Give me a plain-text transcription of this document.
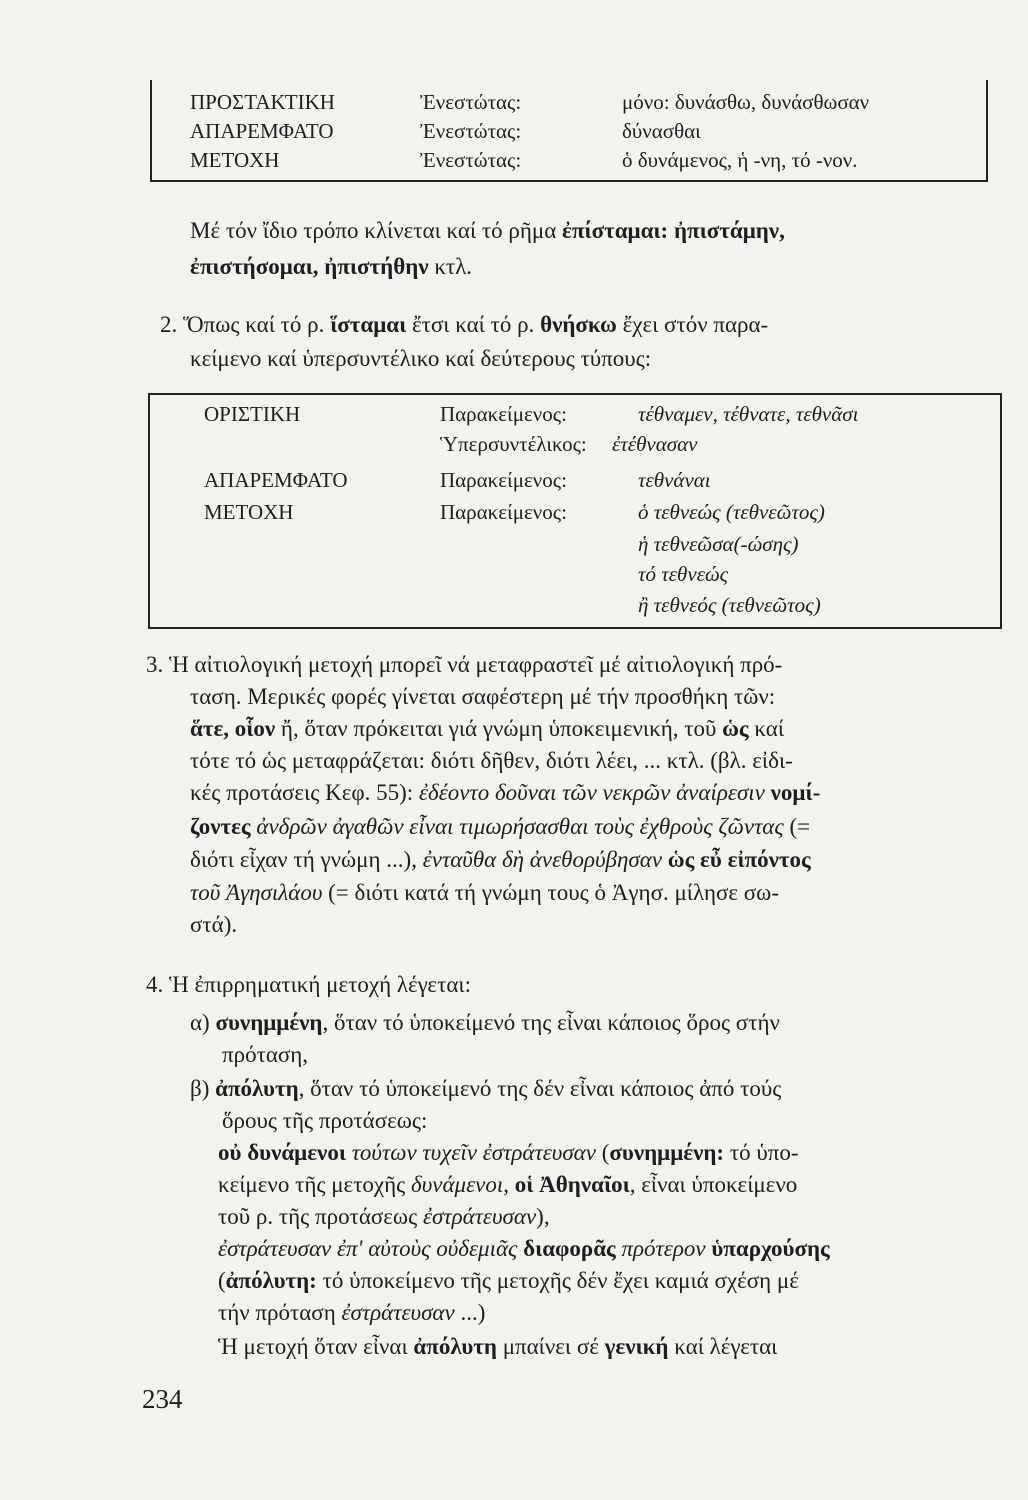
ΠΡΟΣΤΑΚΤΙΚΗ	Ἐνεστώτας:	μόνο: δυνάσθω, δυνάσθωσαν
ΑΠΑΡΕΜΦΑΤΟ	Ἐνεστώτας:	δύνασθαι
ΜΕΤΟΧΗ	Ἐνεστώτας:	ὁ δυνάμενος, ἡ -νη, τό -νον.
Μέ τόν ἴδιο τρόπο κλίνεται καί τό ρῆμα ἐπίσταμαι: ἠπιστάμην,
ἐπιστήσομαι, ἠπιστήθην κτλ.
2. Ὅπως καί τό ρ. ἵσταμαι ἔτσι καί τό ρ. θνήσκω ἔχει στόν παρα-
κείμενο καί ὑπερσυντέλικο καί δεύτερους τύπους:
ΟΡΙΣΤΙΚΗ	Παρακείμενος:	τέθναμεν, τέθνατε, τεθνᾶσι
Ὑπερσυντέλικος: ἐτέθνασαν
ΑΠΑΡΕΜΦΑΤΟ	Παρακείμενος:	τεθνάναι
ΜΕΤΟΧΗ	Παρακείμενος:	ὁ τεθνεώς (τεθνεῶτος)
ἡ τεθνεῶσα(-ώσης)
τό τεθνεώς
ἢ τεθνεός (τεθνεῶτος)
3. Ἡ αἰτιολογική μετοχή μπορεῖ νά μεταφραστεῖ μέ αἰτιολογική πρό-
ταση. Μερικές φορές γίνεται σαφέστερη μέ τήν προσθήκη τῶν:
ἅτε, οἷον ἤ, ὅταν πρόκειται γιά γνώμη ὑποκειμενική, τοῦ ὡς καί
τότε τό ὡς μεταφράζεται: διότι δῆθεν, διότι λέει, ... κτλ. (βλ. εἰδι-
κές προτάσεις Κεφ. 55): ἐδέοντο δοῦναι τῶν νεκρῶν ἀναίρεσιν νομί-
ζοντες ἀνδρῶν ἀγαθῶν εἶναι τιμωρήσασθαι τοὺς ἐχθροὺς ζῶντας (=
διότι εἶχαν τή γνώμη ...), ἐνταῦθα δὴ ἀνεθορύβησαν ὡς εὖ εἰπόντος
τοῦ Ἀγησιλάου (= διότι κατά τή γνώμη τους ὁ Ἀγησ. μίλησε σω-
στά).
4. Ἡ ἐπιρρηματική μετοχή λέγεται:
α) συνημμένη, ὅταν τό ὑποκείμενό της εἶναι κάποιος ὅρος στήν
πρόταση,
β) ἀπόλυτη, ὅταν τό ὑποκείμενό της δέν εἶναι κάποιος ἀπό τούς
ὅρους τῆς προτάσεως:
οὐ δυνάμενοι τούτων τυχεῖν ἐστράτευσαν (συνημμένη: τό ὑπο-
κείμενο τῆς μετοχῆς δυνάμενοι, οἱ Ἀθηναῖοι, εἶναι ὑποκείμενο
τοῦ ρ. τῆς προτάσεως ἐστράτευσαν),
ἐστράτευσαν ἐπ' αὐτοὺς οὐδεμιᾶς διαφορᾶς πρότερον ὑπαρχούσης
(ἀπόλυτη: τό ὑποκείμενο τῆς μετοχῆς δέν ἔχει καμιά σχέση μέ
τήν πρόταση ἐστράτευσαν ...)
Ἡ μετοχή ὅταν εἶναι ἀπόλυτη μπαίνει σέ γενική καί λέγεται
234
